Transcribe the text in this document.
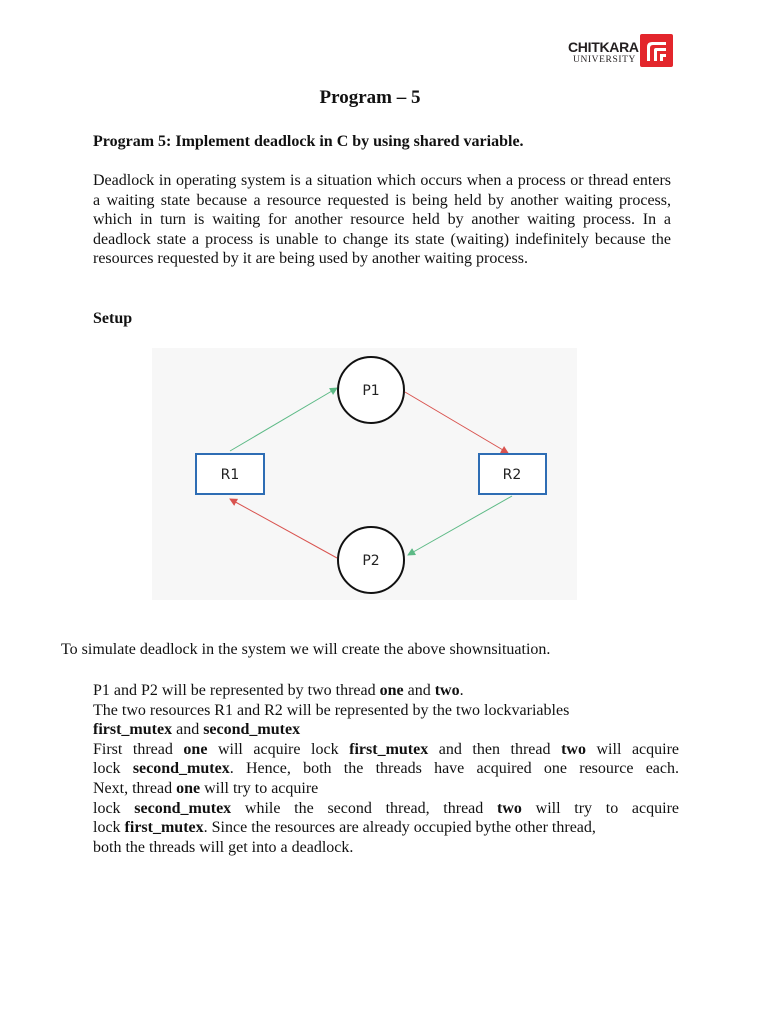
CHITKARA
UNIVERSITY
Program – 5
Program 5: Implement deadlock in C by using shared variable.
Deadlock in operating system is a situation which occurs when a process or thread enters a waiting state because a resource requested is being held by another waiting process, which in turn is waiting for another resource held by another waiting process. In a deadlock state a process is unable to change its state (waiting) indefinitely because the resources requested by it are being used by another waiting process.
Setup
P1
P2
R1	R2
To simulate deadlock in the system we will create the above shownsituation.
P1 and P2 will be represented by two thread one and two.
The two resources R1 and R2 will be represented by the two lockvariables
first_mutex and second_mutex
First thread one will acquire lock first_mutex and then thread two will acquire
lock second_mutex. Hence, both the threads have acquired one resource each.
Next, thread one will try to acquire
lock second_mutex while the second thread, thread two will try to acquire
lock first_mutex. Since the resources are already occupied bythe other thread,
both the threads will get into a deadlock.
